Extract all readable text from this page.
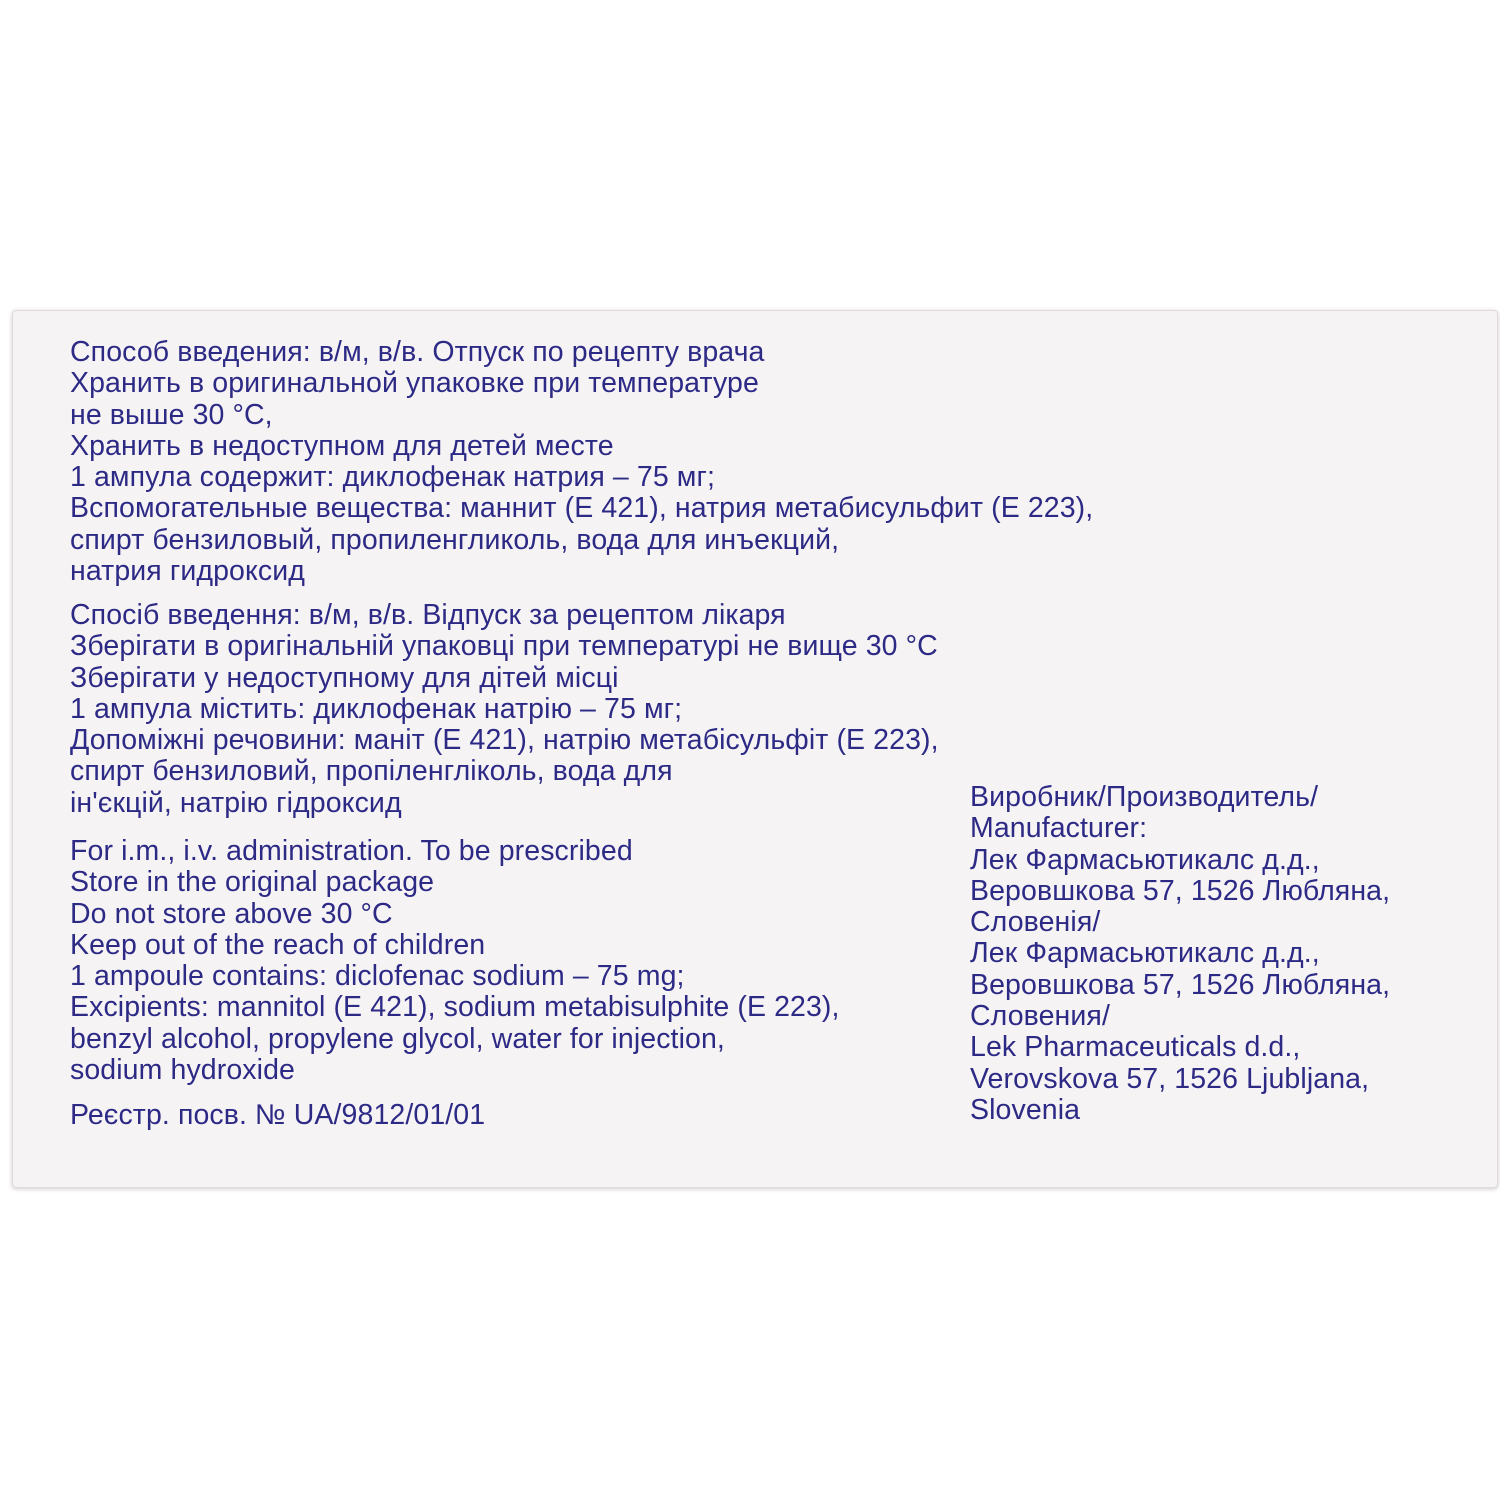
Способ введения: в/м, в/в. Отпуск по рецепту врача
Хранить в оригинальной упаковке при температуре
не выше 30 °С,
Хранить в недоступном для детей месте
1 ампула содержит: диклофенак натрия – 75 мг;
Вспомогательные вещества: маннит (Е 421), натрия метабисульфит (Е 223),
спирт бензиловый, пропиленгликоль, вода для инъекций,
натрия гидроксид
Спосіб введення: в/м, в/в. Відпуск за рецептом лікаря
Зберігати в оригінальній упаковці при температурі не вище 30 °С
Зберігати у недоступному для дітей місці
1 ампула містить: диклофенак натрію – 75 мг;
Допоміжні речовини: маніт (Е 421), натрію метабісульфіт (Е 223),
спирт бензиловий, пропіленгліколь, вода для
ін'єкцій, натрію гідроксид
For i.m., i.v. administration. To be prescribed
Store in the original package
Do not store above 30 °C
Keep out of the reach of children
1 ampoule contains: diclofenac sodium – 75 mg;
Excipients: mannitol (E 421), sodium metabisulphite (E 223),
benzyl alcohol, propylene glycol, water for injection,
sodium hydroxide
Реєстр. посв. № UA/9812/01/01
Виробник/Производитель/
Manufacturer:
Лек Фармасьютикалс д.д.,
Веровшкова 57, 1526 Любляна,
Словенія/
Лек Фармасьютикалс д.д.,
Веровшкова 57, 1526 Любляна,
Словения/
Lek Pharmaceuticals d.d.,
Verovskova 57, 1526 Ljubljana,
Slovenia
